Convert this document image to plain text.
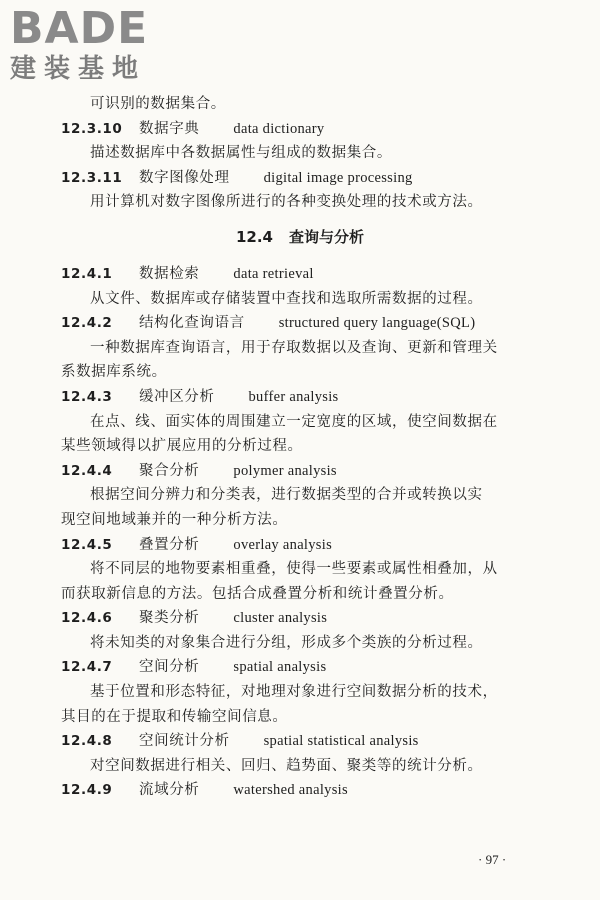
BADE
建装基地
可识别的数据集合。
12.3.10 数据字典 data dictionary
描述数据库中各数据属性与组成的数据集合。
12.3.11 数字图像处理 digital image processing
用计算机对数字图像所进行的各种变换处理的技术或方法。
12.4 查询与分析
12.4.1 数据检索 data retrieval
从文件、数据库或存储装置中查找和选取所需数据的过程。
12.4.2 结构化查询语言 structured query language(SQL)
一种数据库查询语言，用于存取数据以及查询、更新和管理关
系数据库系统。
12.4.3 缓冲区分析 buffer analysis
在点、线、面实体的周围建立一定宽度的区域，使空间数据在
某些领域得以扩展应用的分析过程。
12.4.4 聚合分析 polymer analysis
根据空间分辨力和分类表，进行数据类型的合并或转换以实
现空间地域兼并的一种分析方法。
12.4.5 叠置分析 overlay analysis
将不同层的地物要素相重叠，使得一些要素或属性相叠加，从
而获取新信息的方法。包括合成叠置分析和统计叠置分析。
12.4.6 聚类分析 cluster analysis
将未知类的对象集合进行分组，形成多个类族的分析过程。
12.4.7 空间分析 spatial analysis
基于位置和形态特征，对地理对象进行空间数据分析的技术，
其目的在于提取和传输空间信息。
12.4.8 空间统计分析 spatial statistical analysis
对空间数据进行相关、回归、趋势面、聚类等的统计分析。
12.4.9 流域分析 watershed analysis
· 97 ·
